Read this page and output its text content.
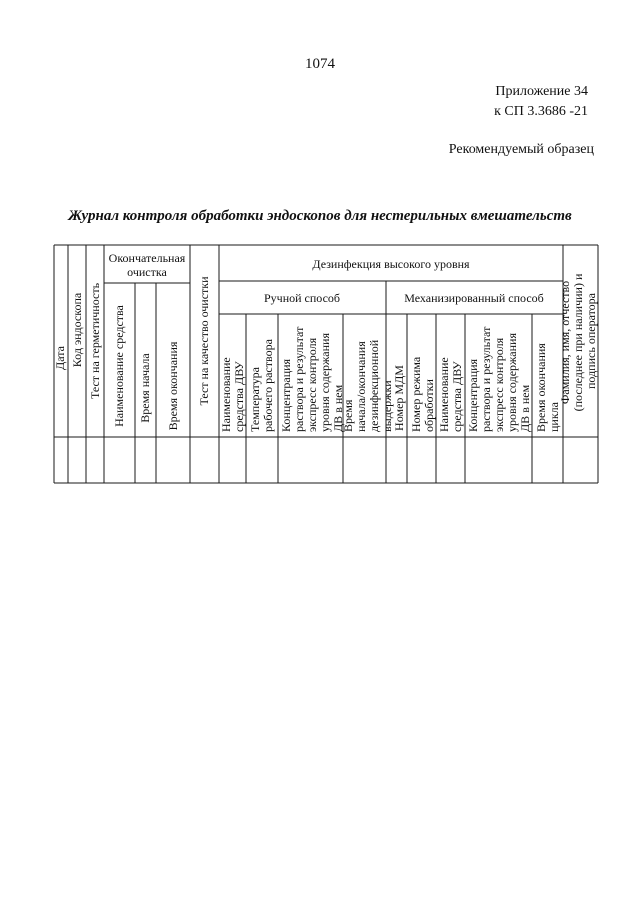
1074
Приложение 34
к СП 3.3686 -21
Рекомендуемый образец
Журнал контроля обработки эндоскопов для нестерильных вмешательств
Окончательная
очистка
Дезинфекция высокого уровня
Ручной способ	Механизированный способ
Дата Код эндоскопа Тест на герметичность Наименование средства Время начала Время окончания Тест на качество очистки	Номер МДМ
Наименование средства ДВУ Температура рабочего раствора Концентрация раствора и результат экспресс контроля уровня содержания ДВ в нем
Время начала/окончания дезинфекционной выдержки Номер режима обработки Наименование средства ДВУ Концентрация раствора и результат экспресс контроля уровня содержания ДВ в нем Время окончания цикла
Фамилия, имя, отчество (последнее при наличии) и подпись оператора
